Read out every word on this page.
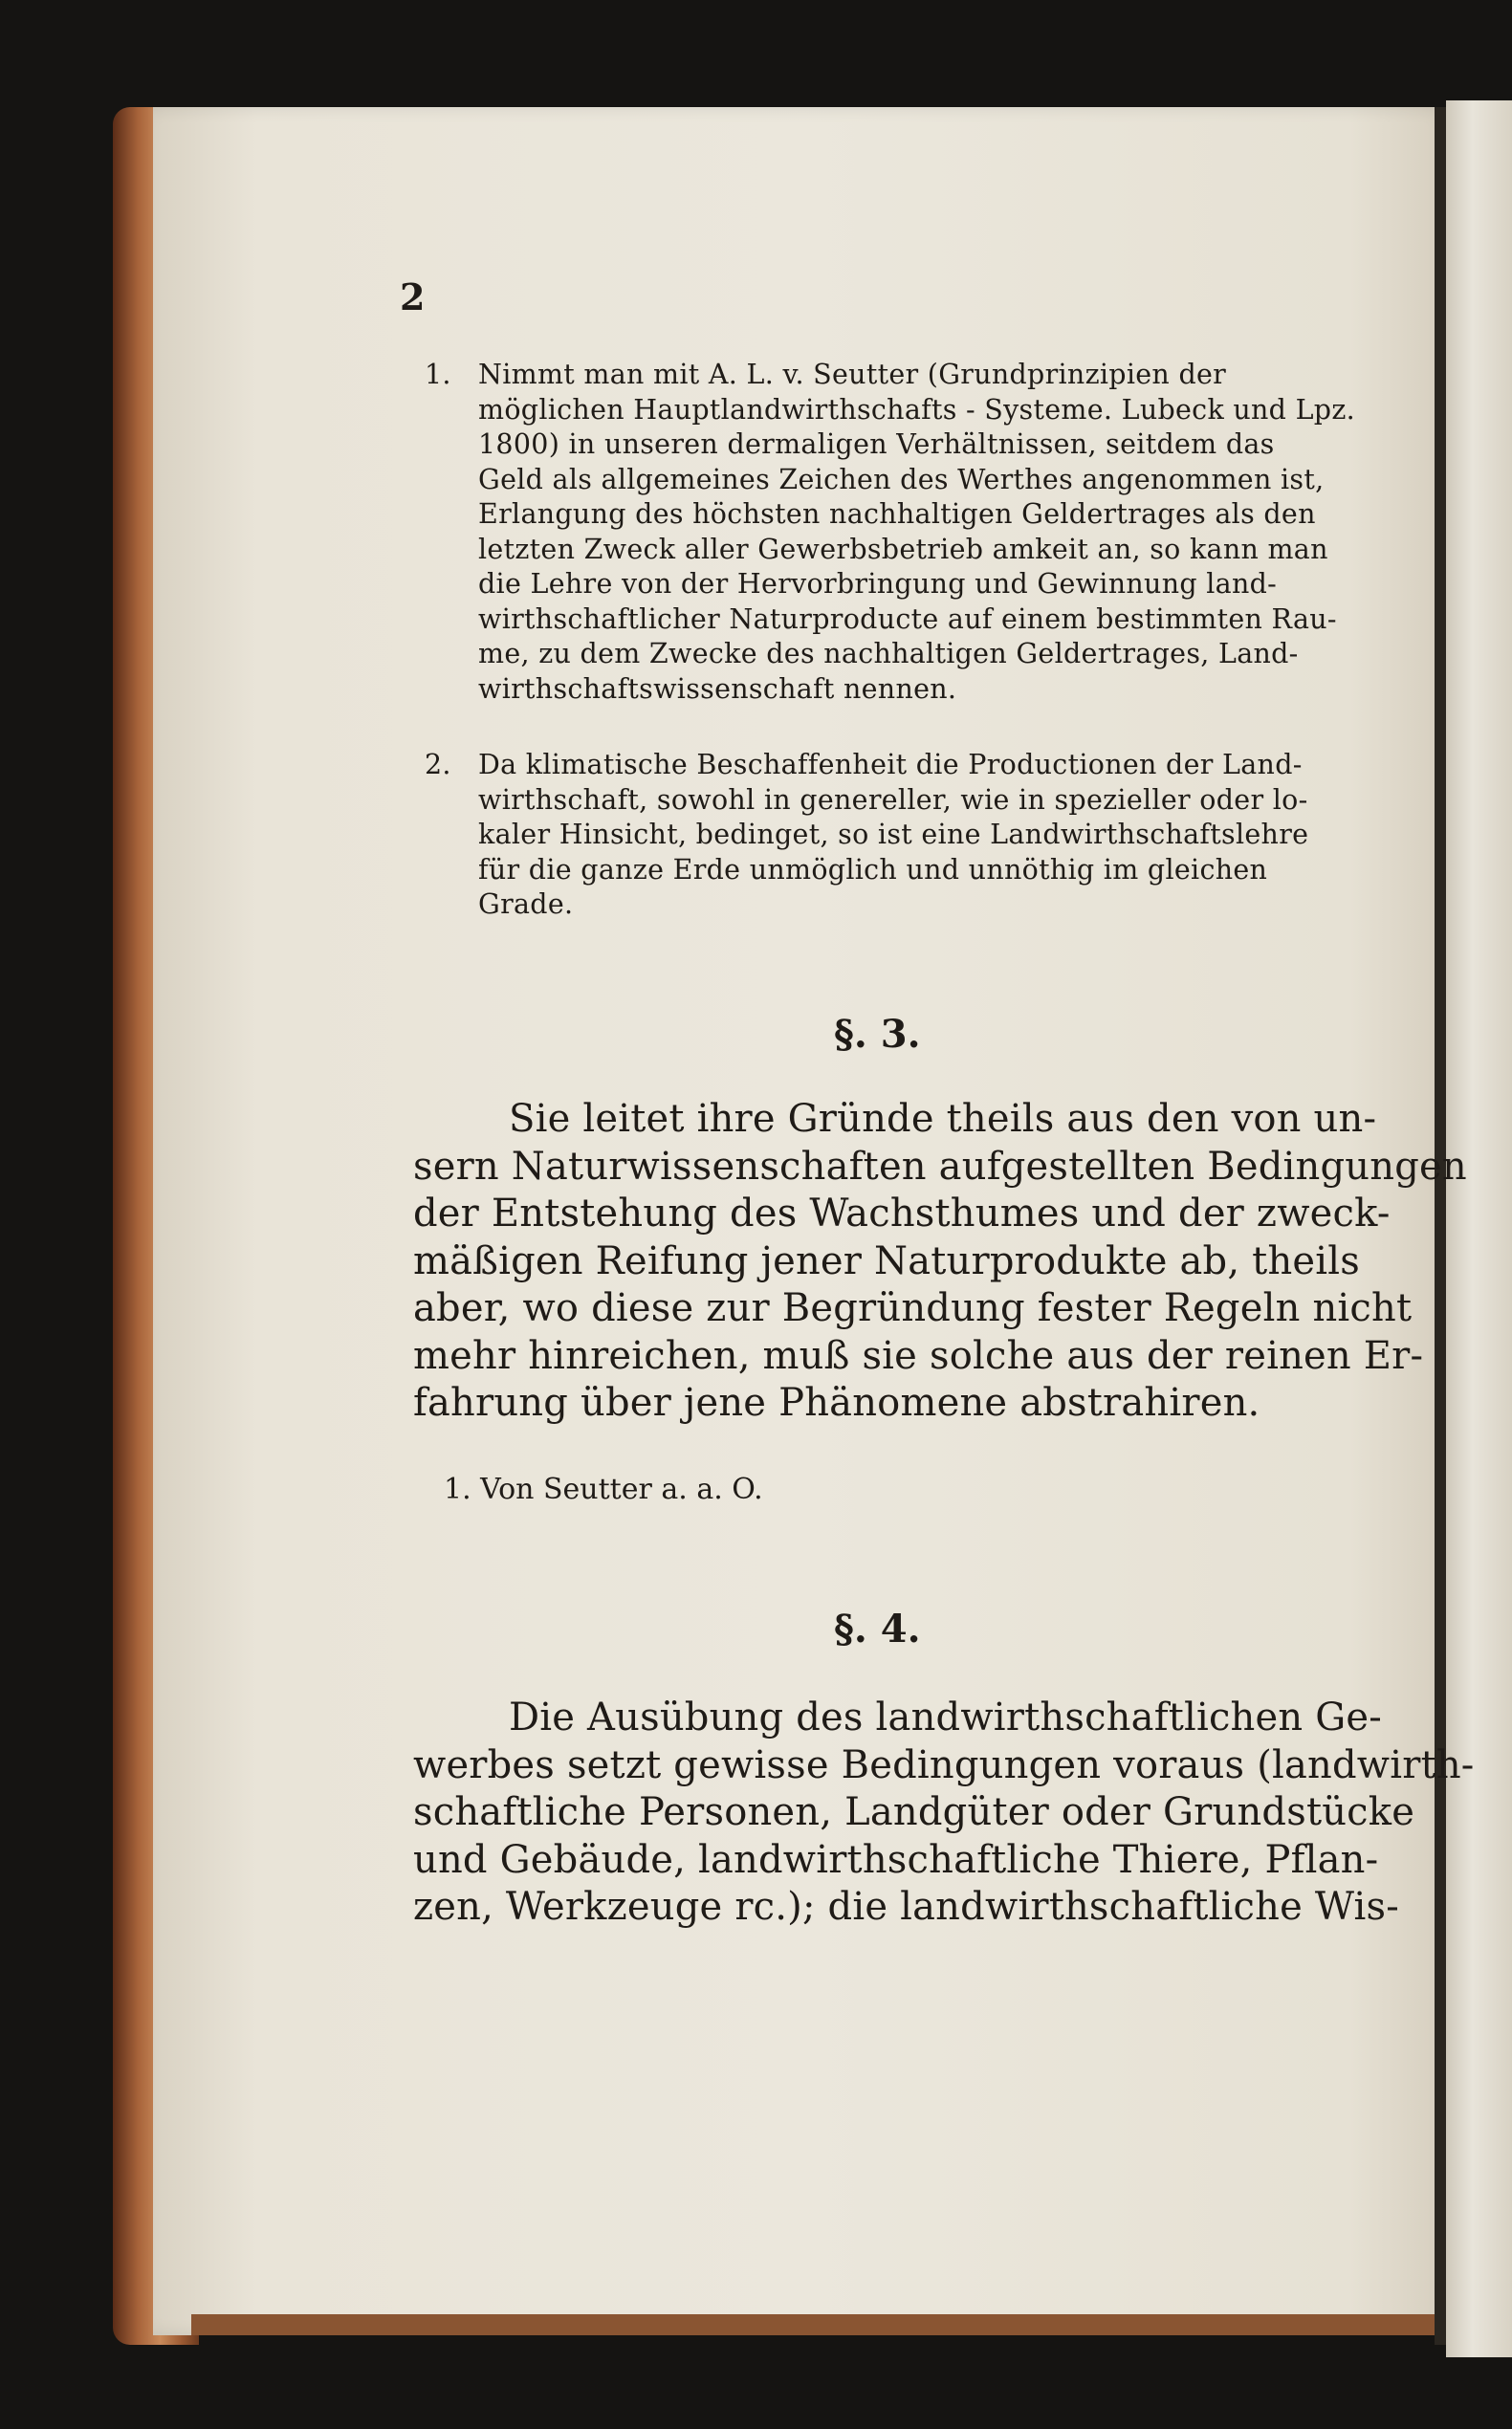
2
1. Nimmt man mit A. L. v. Seutter (Grundprinzipien der
möglichen Hauptlandwirthschafts - Systeme. Lubeck und Lpz.
1800) in unseren dermaligen Verhältnissen, seitdem das
Geld als allgemeines Zeichen des Werthes angenommen ist,
Erlangung des höchsten nachhaltigen Geldertrages als den
letzten Zweck aller Gewerbsbetrieb amkeit an, so kann man
die Lehre von der Hervorbringung und Gewinnung land-
wirthschaftlicher Naturproducte auf einem bestimmten Rau-
me, zu dem Zwecke des nachhaltigen Geldertrages, Land-
wirthschaftswissenschaft nennen.
2. Da klimatische Beschaffenheit die Productionen der Land-
wirthschaft, sowohl in genereller, wie in spezieller oder lo-
kaler Hinsicht, bedinget, so ist eine Landwirthschaftslehre
für die ganze Erde unmöglich und unnöthig im gleichen
Grade.
§. 3.
Sie leitet ihre Gründe theils aus den von un-
sern Naturwissenschaften aufgestellten Bedingungen
der Entstehung des Wachsthumes und der zweck-
mäßigen Reifung jener Naturprodukte ab, theils
aber, wo diese zur Begründung fester Regeln nicht
mehr hinreichen, muß sie solche aus der reinen Er-
fahrung über jene Phänomene abstrahiren.
1. Von Seutter a. a. O.
§. 4.
Die Ausübung des landwirthschaftlichen Ge-
werbes setzt gewisse Bedingungen voraus (landwirth-
schaftliche Personen, Landgüter oder Grundstücke
und Gebäude, landwirthschaftliche Thiere, Pflan-
zen, Werkzeuge rc.); die landwirthschaftliche Wis-
